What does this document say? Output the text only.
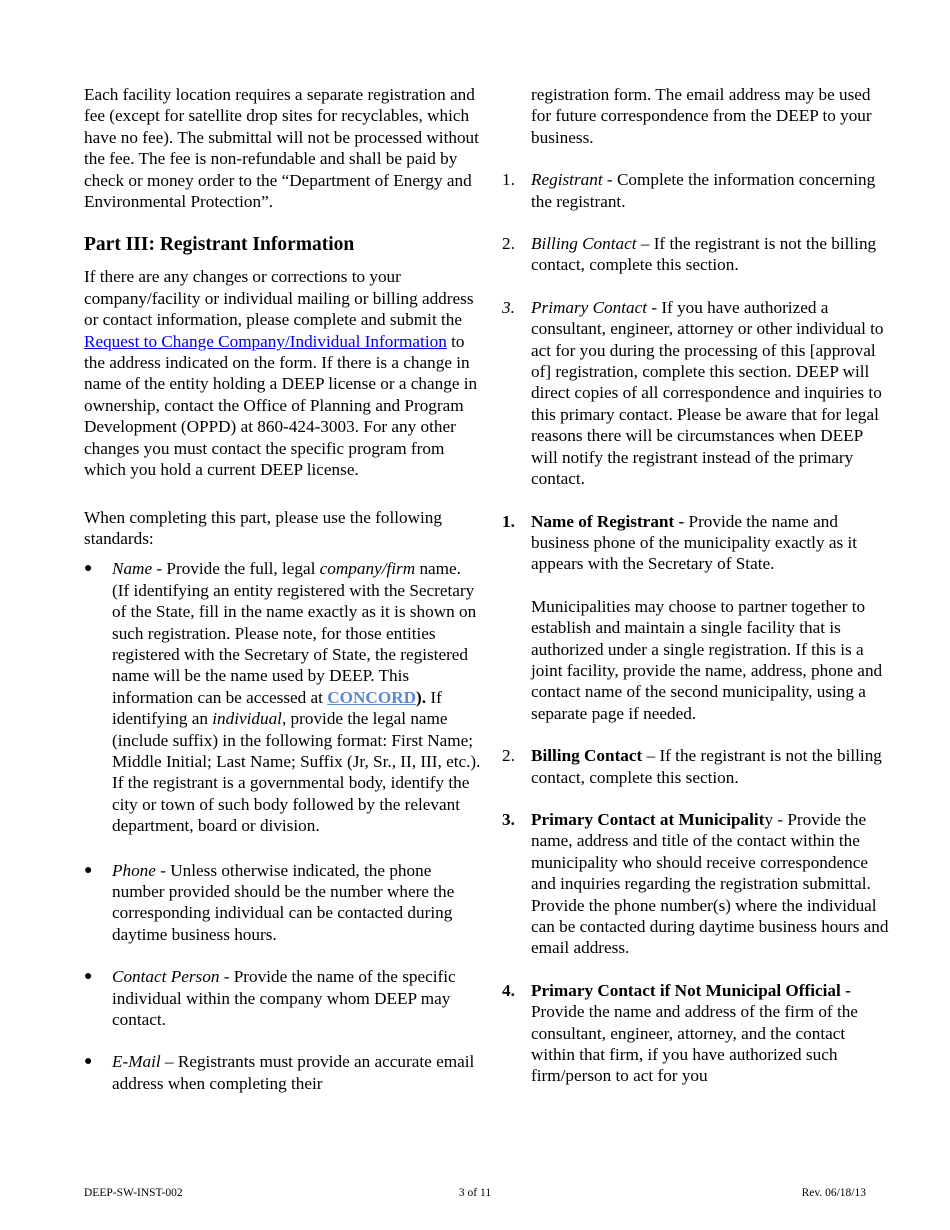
Each facility location requires a separate registration and fee (except for satellite drop sites for recyclables, which have no fee). The submittal will not be processed without the fee. The fee is non-refundable and shall be paid by check or money order to the “Department of Energy and Environmental Protection”.

Part III: Registrant Information

If there are any changes or corrections to your company/facility or individual mailing or billing address or contact information, please complete and submit the Request to Change Company/Individual Information to the address indicated on the form. If there is a change in name of the entity holding a DEEP license or a change in ownership, contact the Office of Planning and Program Development (OPPD) at 860-424-3003. For any other changes you must contact the specific program from which you hold a current DEEP license.

When completing this part, please use the following standards:

●	Name - Provide the full, legal company/firm name. (If identifying an entity registered with the Secretary of the State, fill in the name exactly as it is shown on such registration. Please note, for those entities registered with the Secretary of State, the registered name will be the name used by DEEP. This information can be accessed at CONCORD). If identifying an individual, provide the legal name (include suffix) in the following format: First Name; Middle Initial; Last Name; Suffix (Jr, Sr., II, III, etc.). If the registrant is a governmental body, identify the city or town of such body followed by the relevant department, board or division.
●	Phone - Unless otherwise indicated, the phone number provided should be the number where the corresponding individual can be contacted during daytime business hours.
●	Contact Person - Provide the name of the specific individual within the company whom DEEP may contact.
●	E-Mail – Registrants must provide an accurate email address when completing their

registration form. The email address may be used for future correspondence from the DEEP to your business.

1. Registrant - Complete the information concerning the registrant.
2. Billing Contact – If the registrant is not the billing contact, complete this section.
3. Primary Contact - If you have authorized a consultant, engineer, attorney or other individual to act for you during the processing of this [approval of] registration, complete this section. DEEP will direct copies of all correspondence and inquiries to this primary contact. Please be aware that for legal reasons there will be circumstances when DEEP will notify the registrant instead of the primary contact.
1. Name of Registrant - Provide the name and business phone of the municipality exactly as it appears with the Secretary of State.

Municipalities may choose to partner together to establish and maintain a single facility that is authorized under a single registration. If this is a joint facility, provide the name, address, phone and contact name of the second municipality, using a separate page if needed.

2. Billing Contact – If the registrant is not the billing contact, complete this section.
3. Primary Contact at Municipality - Provide the name, address and title of the contact within the municipality who should receive correspondence and inquiries regarding the registration submittal. Provide the phone number(s) where the individual can be contacted during daytime business hours and email address.
4. Primary Contact if Not Municipal Official - Provide the name and address of the firm of the consultant, engineer, attorney, and the contact within that firm, if you have authorized such firm/person to act for you
DEEP-SW-INST-002	3 of 11	Rev. 06/18/13
